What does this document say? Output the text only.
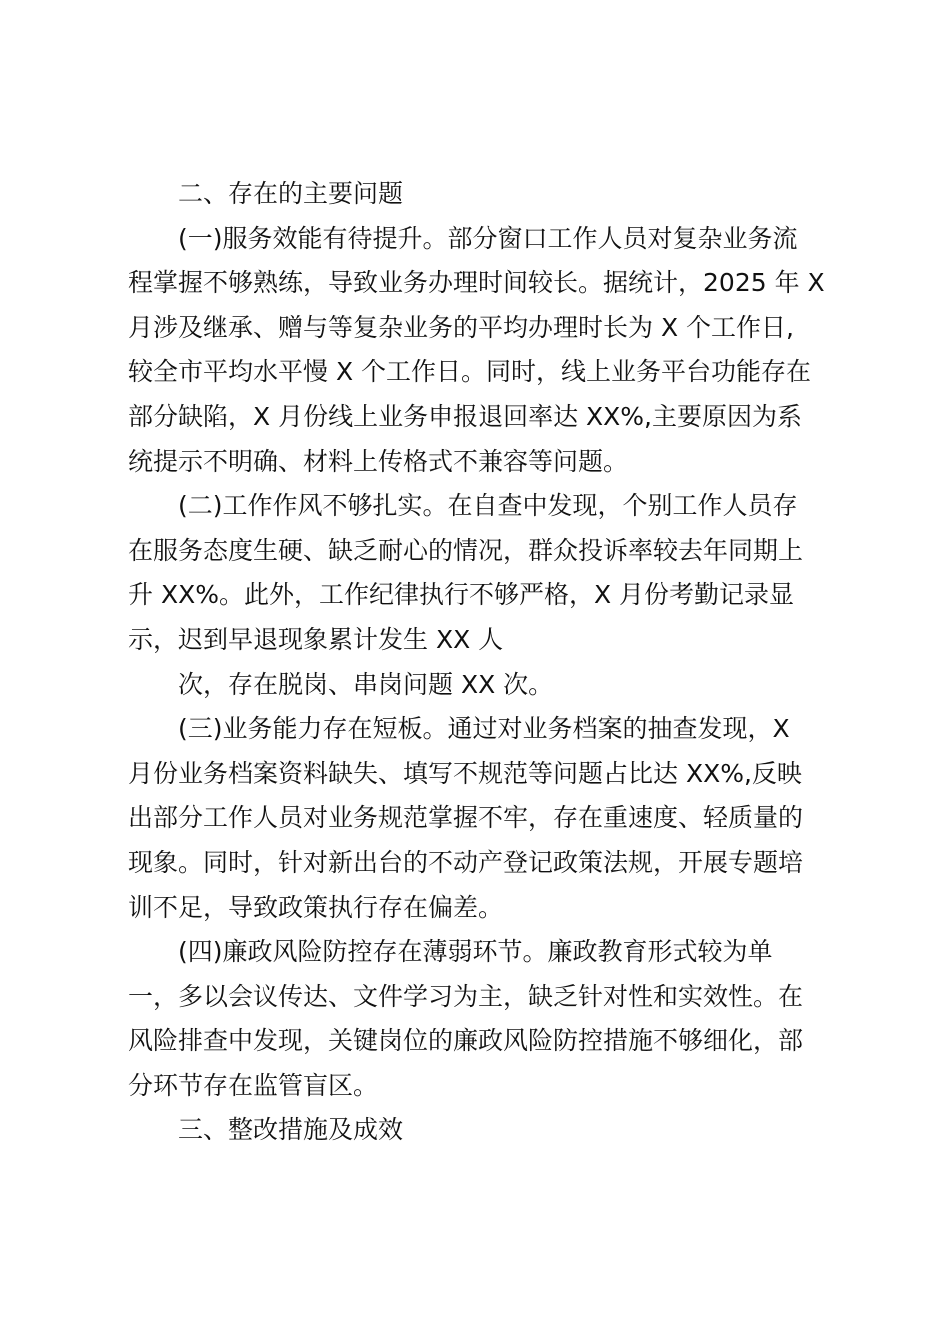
二、存在的主要问题
(一)服务效能有待提升。部分窗口工作人员对复杂业务流
程掌握不够熟练，导致业务办理时间较长。据统计，2025 年 X
月涉及继承、赠与等复杂业务的平均办理时长为 X 个工作日,
较全市平均水平慢 X 个工作日。同时，线上业务平台功能存在
部分缺陷，X 月份线上业务申报退回率达 XX%,主要原因为系
统提示不明确、材料上传格式不兼容等问题。
(二)工作作风不够扎实。在自查中发现，个别工作人员存
在服务态度生硬、缺乏耐心的情况，群众投诉率较去年同期上
升 XX%。此外，工作纪律执行不够严格，X 月份考勤记录显
示，迟到早退现象累计发生 XX 人
次，存在脱岗、串岗问题 XX 次。
(三)业务能力存在短板。通过对业务档案的抽查发现，X
月份业务档案资料缺失、填写不规范等问题占比达 XX%,反映
出部分工作人员对业务规范掌握不牢，存在重速度、轻质量的
现象。同时，针对新出台的不动产登记政策法规，开展专题培
训不足，导致政策执行存在偏差。
(四)廉政风险防控存在薄弱环节。廉政教育形式较为单
一，多以会议传达、文件学习为主，缺乏针对性和实效性。在
风险排查中发现，关键岗位的廉政风险防控措施不够细化，部
分环节存在监管盲区。
三、整改措施及成效
